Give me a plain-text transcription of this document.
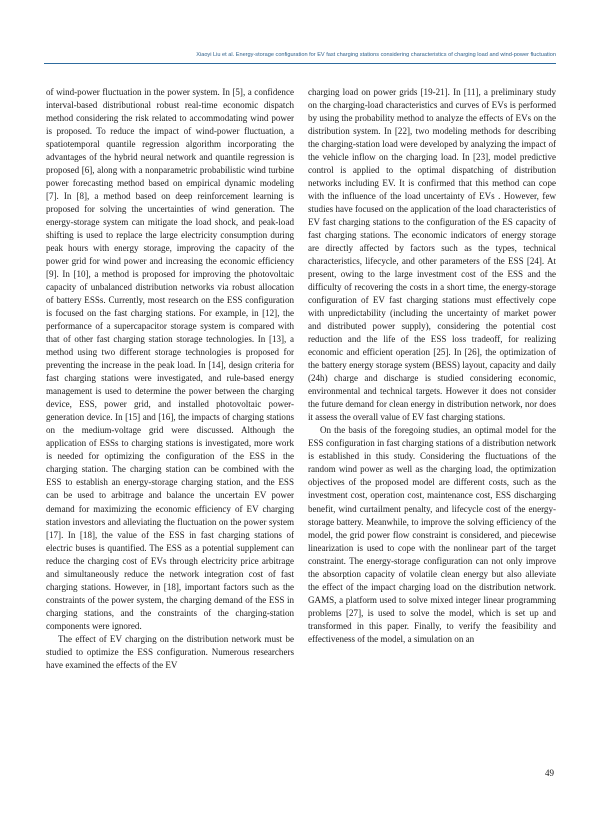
Xiaoyi Liu et al. Energy-storage configuration for EV fast charging stations considering characteristics of charging load and wind-power fluctuation

of wind-power fluctuation in the power system. In [5], a confidence interval-based distributional robust real-time economic dispatch method considering the risk related to accommodating wind power is proposed. To reduce the impact of wind-power fluctuation, a spatiotemporal quantile regression algorithm incorporating the advantages of the hybrid neural network and quantile regression is proposed [6], along with a nonparametric probabilistic wind turbine power forecasting method based on empirical dynamic modeling [7]. In [8], a method based on deep reinforcement learning is proposed for solving the uncertainties of wind generation. The energy-storage system can mitigate the load shock, and peak-load shifting is used to replace the large electricity consumption during peak hours with energy storage, improving the capacity of the power grid for wind power and increasing the economic efficiency [9]. In [10], a method is proposed for improving the photovoltaic capacity of unbalanced distribution networks via robust allocation of battery ESSs. Currently, most research on the ESS configuration is focused on the fast charging stations. For example, in [12], the performance of a supercapacitor storage system is compared with that of other fast charging station storage technologies. In [13], a method using two different storage technologies is proposed for preventing the increase in the peak load. In [14], design criteria for fast charging stations were investigated, and rule-based energy management is used to determine the power between the charging device, ESS, power grid, and installed photovoltaic power-generation device. In [15] and [16], the impacts of charging stations on the medium-voltage grid were discussed. Although the application of ESSs to charging stations is investigated, more work is needed for optimizing the configuration of the ESS in the charging station. The charging station can be combined with the ESS to establish an energy-storage charging station, and the ESS can be used to arbitrage and balance the uncertain EV power demand for maximizing the economic efficiency of EV charging station investors and alleviating the fluctuation on the power system [17]. In [18], the value of the ESS in fast charging stations of electric buses is quantified. The ESS as a potential supplement can reduce the charging cost of EVs through electricity price arbitrage and simultaneously reduce the network integration cost of fast charging stations. However, in [18], important factors such as the constraints of the power system, the charging demand of the ESS in charging stations, and the constraints of the charging-station components were ignored.

The effect of EV charging on the distribution network must be studied to optimize the ESS configuration. Numerous researchers have examined the effects of the EV

charging load on power grids [19-21]. In [11], a preliminary study on the charging-load characteristics and curves of EVs is performed by using the probability method to analyze the effects of EVs on the distribution system. In [22], two modeling methods for describing the charging-station load were developed by analyzing the impact of the vehicle inflow on the charging load. In [23], model predictive control is applied to the optimal dispatching of distribution networks including EV. It is confirmed that this method can cope with the influence of the load uncertainty of EVs . However, few studies have focused on the application of the load characteristics of EV fast charging stations to the configuration of the ES capacity of fast charging stations. The economic indicators of energy storage are directly affected by factors such as the types, technical characteristics, lifecycle, and other parameters of the ESS [24]. At present, owing to the large investment cost of the ESS and the difficulty of recovering the costs in a short time, the energy-storage configuration of EV fast charging stations must effectively cope with unpredictability (including the uncertainty of market power and distributed power supply), considering the potential cost reduction and the life of the ESS loss tradeoff, for realizing economic and efficient operation [25]. In [26], the optimization of the battery energy storage system (BESS) layout, capacity and daily (24h) charge and discharge is studied considering economic, environmental and technical targets. However it does not consider the future demand for clean energy in distribution network, nor does it assess the overall value of EV fast charging stations.

On the basis of the foregoing studies, an optimal model for the ESS configuration in fast charging stations of a distribution network is established in this study. Considering the fluctuations of the random wind power as well as the charging load, the optimization objectives of the proposed model are different costs, such as the investment cost, operation cost, maintenance cost, ESS discharging benefit, wind curtailment penalty, and lifecycle cost of the energy-storage battery. Meanwhile, to improve the solving efficiency of the model, the grid power flow constraint is considered, and piecewise linearization is used to cope with the nonlinear part of the target constraint. The energy-storage configuration can not only improve the absorption capacity of volatile clean energy but also alleviate the effect of the impact charging load on the distribution network. GAMS, a platform used to solve mixed integer linear programming problems [27], is used to solve the model, which is set up and transformed in this paper. Finally, to verify the feasibility and effectiveness of the model, a simulation on an

49
